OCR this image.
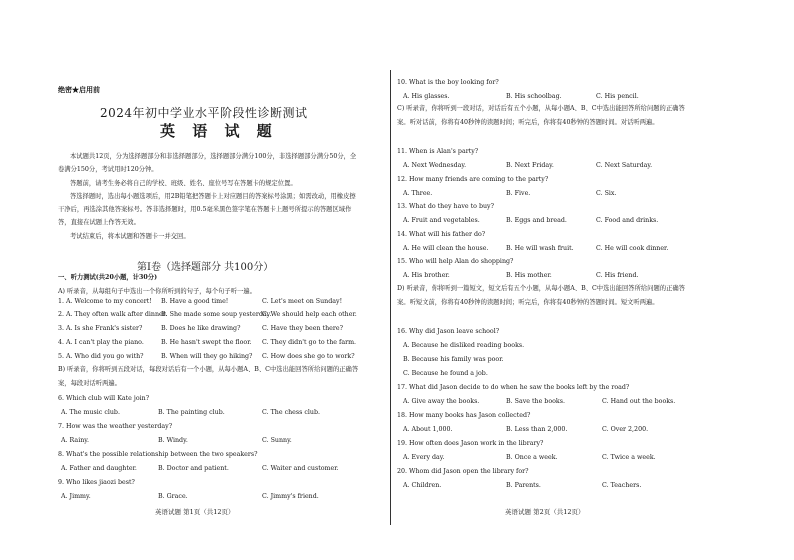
绝密★启用前
2024年初中学业水平阶段性诊断测试
英 语 试 题

本试题共12页，分为选择题部分和非选择题部分，选择题部分满分100分，非选择题部分满分50分，全卷满分150分，考试用时120分钟。

答题前，请考生务必将自己的学校、班级、姓名、座位号写在答题卡的规定位置。

答选择题时，选出每小题选项后，用2B铅笔把答题卡上对应题目的答案标号涂黑；如需改动，用橡皮擦干净后，再选涂其他答案标号。答非选择题时，用0.5毫米黑色签字笔在答题卡上题号所提示的答题区域作答，直接在试题上作答无效。

考试结束后，将本试题和答题卡一并交回。

第Ⅰ卷（选择题部分 共100分）
一、听力测试(共20小题，计30分)
A) 听录音，从每组句子中选出一个你所听到的句子，每个句子听一遍。
1. A. Welcome to my concert! B. Have a good time!	C. Let's meet on Sunday!
2. A. They often walk after dinner.
B. She made some soup yesterday.
C. We should help each other.
3. A. Is she Frank's sister?	B. Does he like drawing?	C. Have they been there?
4. A. I can't play the piano.	B. He hasn't swept the floor. C. They didn't go to the farm.
5. A. Who did you go with?	B. When will they go hiking? C. How does she go to work?
B) 听录音，你将听到五段对话，每段对话后有一个小题，从每小题A、B、C中选出能回答所给问题的正确答案，每段对话听两遍。
6. Which club will Kate join?
A. The music club.	B. The painting club.	C. The chess club.
7. How was the weather yesterday?
A. Rainy.	B. Windy.	C. Sunny.
8. What's the possible relationship between the two speakers?
A. Father and daughter.	B. Doctor and patient.	C. Waiter and customer.
9. Who likes jiaozi best?
A. Jimmy.	B. Grace.	C. Jimmy's friend.
英语试题 第1页（共12页）
10. What is the boy looking for?
A. His glasses.	B. His schoolbag.	C. His pencil.
C) 听录音，你将听到一段对话，对话后有五个小题，从每小题A、B、C中选出能回答所给问题的正确答案。听对话前，你将有40秒钟的读题时间；听完后，你将有40秒钟的答题时间。对话听两遍。
11. When is Alan's party?
A. Next Wednesday.	B. Next Friday.	C. Next Saturday.
12. How many friends are coming to the party?
A. Three.	B. Five.	C. Six.
13. What do they have to buy?
A. Fruit and vegetables.	B. Eggs and bread.	C. Food and drinks.
14. What will his father do?
A. He will clean the house.	B. He will wash fruit.	C. He will cook dinner.
15. Who will help Alan do shopping?
A. His brother.	B. His mother.	C. His friend.
D) 听录音，你将听到一篇短文，短文后有五个小题，从每小题A、B、C中选出能回答所给问题的正确答案。听短文前，你将有40秒钟的读题时间；听完后，你将有40秒钟的答题时间。短文听两遍。
16. Why did Jason leave school?
A. Because he disliked reading books.
B. Because his family was poor.
C. Because he found a job.
17. What did Jason decide to do when he saw the books left by the road?
A. Give away the books.	B. Save the books.	C. Hand out the books.
18. How many books has Jason collected?
A. About 1,000.	B. Less than 2,000.	C. Over 2,200.
19. How often does Jason work in the library?
A. Every day.	B. Once a week.	C. Twice a week.
20. Whom did Jason open the library for?
A. Children.	B. Parents.	C. Teachers.
英语试题 第2页（共12页）
